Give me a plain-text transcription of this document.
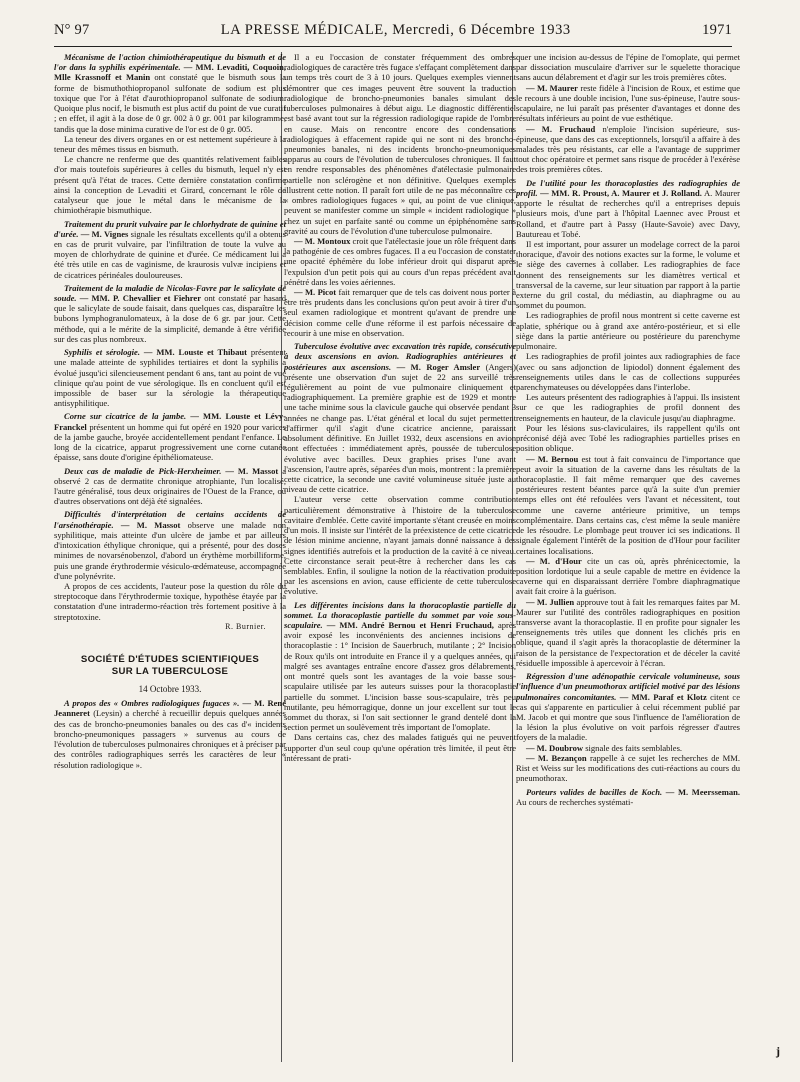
N° 97	LA PRESSE MÉDICALE, Mercredi, 6 Décembre 1933	1971

Mécanisme de l'action chimiothérapeutique du bismuth et de l'or dans la syphilis expérimentale. — MM. Levaditi, Coquoin, Mlle Krassnoff et Manin ont constaté que le bismuth sous la forme de bismuthothiopropanol sulfonate de sodium est plus toxique que l'or à l'état d'aurothiopropanol sulfonate de sodium. Quoique plus nocif, le bismuth est plus actif du point de vue curatif ; en effet, il agit à la dose de 0 gr. 002 à 0 gr. 001 par kilogramme, tandis que la dose minima curative de l'or est de 0 gr. 005.

La teneur des divers organes en or est nettement supérieure à la teneur des mêmes tissus en bismuth.

Le chancre ne renferme que des quantités relativement faibles d'or mais toutefois supérieures à celles du bismuth, lequel n'y est présent qu'à l'état de traces. Cette dernière constatation confirme ainsi la conception de Levaditi et Girard, concernant le rôle de catalyseur que joue le métal dans le mécanisme de la chimiothérapie bismuthique.

Traitement du prurit vulvaire par le chlorhydrate de quinine et d'urée. — M. Vignes signale les résultats excellents qu'il a obtenus en cas de prurit vulvaire, par l'infiltration de toute la vulve au moyen de chlorhydrate de quinine et d'urée. Ce médicament lui a été très utile en cas de vaginisme, de kraurosis vulvæ incipiens et de cicatrices périnéales douloureuses.

Traitement de la maladie de Nicolas-Favre par le salicylate de soude. — MM. P. Chevallier et Fiehrer ont constaté par hasard que le salicylate de soude faisait, dans quelques cas, disparaître les bubons lymphogranulomateux, à la dose de 6 gr. par jour. Cette méthode, qui a le mérite de la simplicité, demande à être vérifiée sur des cas plus nombreux.

Syphilis et sérologie. — MM. Louste et Thibaut présentent une malade atteinte de syphilides tertiaires et dont la syphilis a évolué jusqu'ici silencieusement pendant 6 ans, tant au point de vue clinique qu'au point de vue sérologique. Ils en concluent qu'il est impossible de baser sur la sérologie la thérapeutique antisyphilitique.

Corne sur cicatrice de la jambe. — MM. Louste et Lévy-Franckel présentent un homme qui fut opéré en 1920 pour varices de la jambe gauche, broyée accidentellement pendant l'enfance. Le long de la cicatrice, apparut progressivement une corne cutanée épaisse, sans doute d'origine épithéliomateuse.

Deux cas de maladie de Pick-Herxheimer. — M. Massot a observé 2 cas de dermatite chronique atrophiante, l'un localisé, l'autre généralisé, tous deux originaires de l'Ouest de la France, où d'autres observations ont déjà été signalées.

Difficultés d'interprétation de certains accidents de l'arsénothérapie. — M. Massot observe une malade non syphilitique, mais atteinte d'un ulcère de jambe et par ailleurs d'intoxication éthylique chronique, qui a présenté, pour des doses minimes de novarsénobenzol, d'abord un érythème morbilliforme, puis une grande érythrodermie vésiculo-œdémateuse, accompagnée d'une polynévrite.

A propos de ces accidents, l'auteur pose la question du rôle du streptocoque dans l'érythrodermie toxique, hypothèse étayée par la constatation d'une intradermo-réaction très fortement positive à la streptotoxine.

R. Burnier.
SOCIÉTÉ D'ÉTUDES SCIENTIFIQUES
SUR LA TUBERCULOSE
14 Octobre 1933.

A propos des « Ombres radiologiques fugaces ». — M. René Jeanneret (Leysin) a cherché à recueillir depuis quelques années des cas de broncho-pneumonies banales ou des cas d'« incidents broncho-pneumoniques passagers » survenus au cours de l'évolution de tuberculoses pulmonaires chroniques et à préciser par des contrôles radiographiques serrés les caractères de leur « résolution radiologique ».

Il a eu l'occasion de constater fréquemment des ombres radiologiques de caractère très fugace s'effaçant complètement dans un temps très court de 3 à 10 jours. Quelques exemples viennent démontrer que ces images peuvent être souvent la traduction radiologique de broncho-pneumonies banales simulant des tuberculoses pulmonaires à début aigu. Le diagnostic différentiel est basé avant tout sur la régression radiologique rapide de l'ombre en cause. Mais on rencontre encore des condensations radiologiques à effacement rapide qui ne sont ni des broncho-pneumonies banales, ni des incidents broncho-pneumoniques apparus au cours de l'évolution de tuberculoses chroniques. Il faut en rendre responsables des phénomènes d'atélectasie pulmonaire partielle non sclérogène et non définitive. Quelques exemples illustrent cette notion. Il paraît fort utile de ne pas méconnaître ces « ombres radiologiques fugaces » qui, au point de vue clinique, peuvent se manifester comme un simple « incident radiologique » chez un sujet en parfaite santé ou comme un épiphénomène sans gravité au cours de l'évolution d'une tuberculose pulmonaire.

— M. Montoux croit que l'atélectasie joue un rôle fréquent dans la pathogénie de ces ombres fugaces. Il a eu l'occasion de constater une opacité éphémère du lobe inférieur droit qui disparut après l'expulsion d'un petit pois qui au cours d'un repas précédent avait pénétré dans les voies aériennes.

— M. Picot fait remarquer que de tels cas doivent nous porter à être très prudents dans les conclusions qu'on peut avoir à tirer d'un seul examen radiologique et montrent qu'avant de prendre une décision comme celle d'une réforme il est parfois nécessaire de recourir à une mise en observation.

Tuberculose évolutive avec excavation très rapide, consécutive à deux ascensions en avion. Radiographies antérieures et postérieures aux ascensions. — M. Roger Amsler (Angers) présente une observation d'un sujet de 22 ans surveillé très régulièrement au point de vue pulmonaire cliniquement et radiographiquement. La première graphie est de 1929 et montre une tache minime sous la clavicule gauche qui observée pendant 3 années ne change pas. L'état général et local du sujet permettent d'affirmer qu'il s'agit d'une cicatrice ancienne, paraissant absolument définitive. En Juillet 1932, deux ascensions en avion sont effectuées : immédiatement après, poussée de tuberculose évolutive avec bacilles. Deux graphies prises l'une avant l'ascension, l'autre après, séparées d'un mois, montrent : la première cette cicatrice, la seconde une cavité volumineuse située juste au niveau de cette cicatrice.

L'auteur verse cette observation comme contribution particulièrement démonstrative à l'histoire de la tuberculose cavitaire d'emblée. Cette cavité importante s'étant creusée en moins d'un mois. Il insiste sur l'intérêt de la préexistence de cette cicatrice de lésion minime ancienne, n'ayant jamais donné naissance à des signes identifiés autrefois et la production de la cavité à ce niveau. Cette circonstance serait peut-être à rechercher dans les cas semblables. Enfin, il souligne la notion de la réactivation produite par les ascensions en avion, cause efficiente de cette tuberculose évolutive.

Les différentes incisions dans la thoracoplastie partielle du sommet. La thoracoplastie partielle du sommet par voie sous-scapulaire. — MM. André Bernou et Henri Fruchaud, après avoir exposé les inconvénients des anciennes incisions de thoracoplastie : 1° Incision de Sauerbruch, mutilante ; 2° Incision de Roux qu'ils ont introduite en France il y a quelques années, qui malgré ses avantages entraîne encore d'assez gros délabrements, ont montré quels sont les avantages de la voie basse sous-scapulaire utilisée par les auteurs suisses pour la thoracoplastie partielle du sommet. L'incision basse sous-scapulaire, très peu mutilante, peu hémorragique, donne un jour excellent sur tout le sommet du thorax, si l'on sait sectionner le grand dentelé dont la section permet un soulèvement très important de l'omoplate.

Dans certains cas, chez des malades fatigués qui ne peuvent supporter d'un seul coup qu'une opération très limitée, il peut être intéressant de prati-

quer une incision au-dessus de l'épine de l'omoplate, qui permet par dissociation musculaire d'arriver sur le squelette thoracique sans aucun délabrement et d'agir sur les trois premières côtes.

— M. Maurer reste fidèle à l'incision de Roux, et estime que le recours à une double incision, l'une sus-épineuse, l'autre sous-scapulaire, ne lui paraît pas présenter d'avantages et donne des résultats inférieurs au point de vue esthétique.

— M. Fruchaud n'emploie l'incision supérieure, sus-épineuse, que dans des cas exceptionnels, lorsqu'il a affaire à des malades très peu résistants, car elle a l'avantage de supprimer tout choc opératoire et permet sans risque de procéder à l'exérèse des trois premières côtes.

De l'utilité pour les thoracoplasties des radiographies de profil. — MM. R. Proust, A. Maurer et J. Rolland. A. Maurer apporte le résultat de recherches qu'il a entreprises depuis plusieurs mois, d'une part à l'hôpital Laennec avec Proust et Rolland, et d'autre part à Passy (Haute-Savoie) avec Davy, Bautureau et Tobé.

Il est important, pour assurer un modelage correct de la paroi thoracique, d'avoir des notions exactes sur la forme, le volume et le siège des cavernes à collaber. Les radiographies de face donnent des renseignements sur les diamètres vertical et transversal de la caverne, sur leur situation par rapport à la partie externe du gril costal, du médiastin, au diaphragme ou au sommet du poumon.

Les radiographies de profil nous montrent si cette caverne est aplatie, sphérique ou à grand axe antéro-postérieur, et si elle siège dans la partie antérieure ou postérieure du parenchyme pulmonaire.

Les radiographies de profil jointes aux radiographies de face (avec ou sans adjonction de lipiodol) donnent également des renseignements utiles dans le cas de collections suppurées parenchymateuses ou développées dans l'interlobe.

Les auteurs présentent des radiographies à l'appui. Ils insistent sur ce que les radiographies de profil donnent des renseignements en hauteur, de la clavicule jusqu'au diaphragme.

Pour les lésions sus-claviculaires, ils rappellent qu'ils ont préconisé déjà avec Tobé les radiographies partielles prises en position oblique.

— M. Bernou est tout à fait convaincu de l'importance que peut avoir la situation de la caverne dans les résultats de la thoracoplastie. Il fait même remarquer que des cavernes postérieures restent béantes parce qu'à la suite d'un premier temps elles ont été refoulées vers l'avant et nécessitent, tout comme une caverne antérieure primitive, un temps complémentaire. Dans certains cas, c'est même la seule manière de les résoudre. Le plombage peut trouver ici ses indications. Il signale également l'intérêt de la position de d'Hour pour faciliter certaines localisations.

— M. d'Hour cite un cas où, après phrénicectomie, la position lordotique lui a seule capable de mettre en évidence la caverne qui en disparaissant derrière l'ombre diaphragmatique avait fait croire à la guérison.

— M. Jullien approuve tout à fait les remarques faites par M. Maurer sur l'utilité des contrôles radiographiques en position transverse avant la thoracoplastie. Il en profite pour signaler les renseignements très utiles que donnent les clichés pris en oblique, quand il s'agit après la thoracoplastie de déterminer la raison de la persistance de l'expectoration et de déceler la cavité résiduelle impossible à apercevoir à l'écran.

Régression d'une adénopathie cervicale volumineuse, sous l'influence d'un pneumothorax artificiel motivé par des lésions pulmonaires concomitantes. — MM. Paraf et Klotz citent ce cas qui s'apparente en particulier à celui récemment publié par M. Jacob et qui montre que sous l'influence de l'amélioration de la lésion la plus évolutive on voit parfois régresser d'autres foyers de la maladie.

— M. Doubrow signale des faits semblables.

— M. Bezançon rappelle à ce sujet les recherches de MM. Rist et Weiss sur les modifications des cuti-réactions au cours du pneumothorax.

Porteurs valides de bacilles de Koch. — M. Meersseman. Au cours de recherches systémati-

j
